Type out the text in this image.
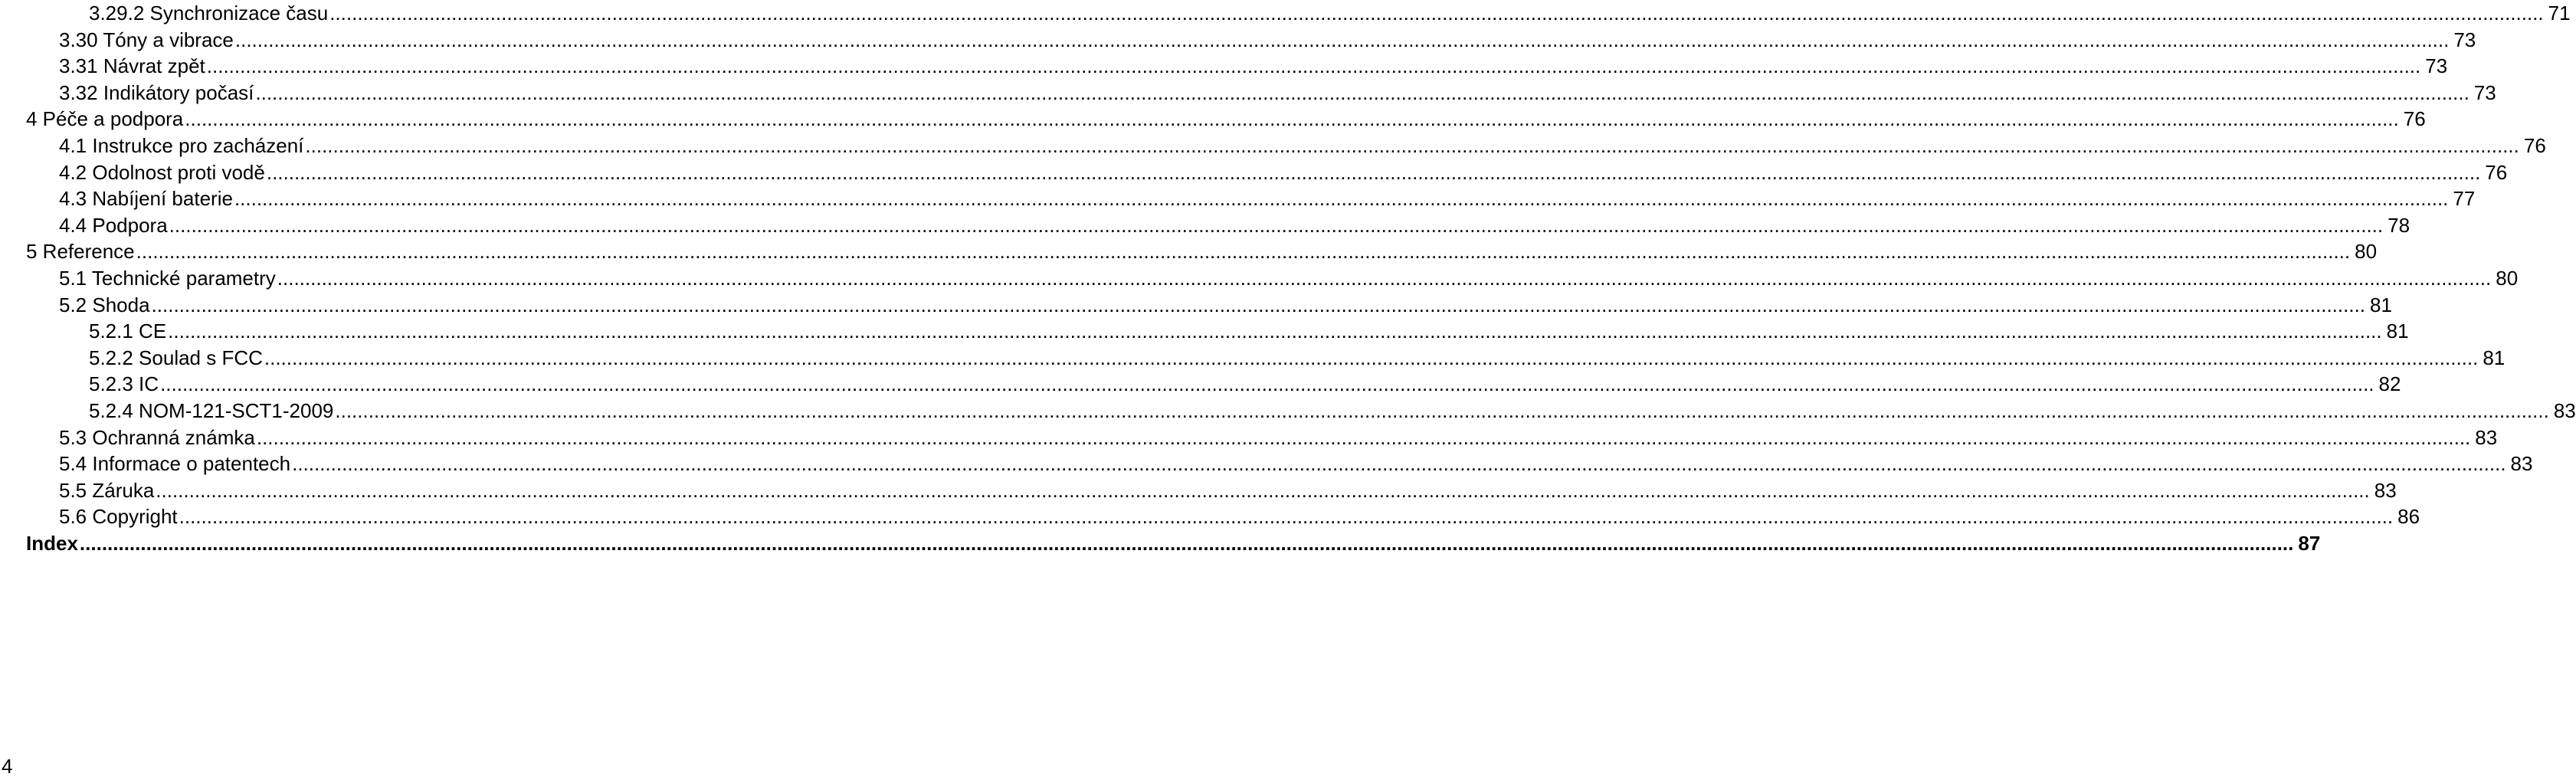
3.29.2 Synchronizace času ................................................................................................................................................................................................................................................................................................................................................................................................................ 71
3.30 Tóny a vibrace ................................................................................................................................................................................................................................................................................................................................................................................................................ 73
3.31 Návrat zpět ................................................................................................................................................................................................................................................................................................................................................................................................................ 73
3.32 Indikátory počasí ................................................................................................................................................................................................................................................................................................................................................................................................................ 73
4 Péče a podpora ................................................................................................................................................................................................................................................................................................................................................................................................................ 76
4.1 Instrukce pro zacházení ................................................................................................................................................................................................................................................................................................................................................................................................................ 76
4.2 Odolnost proti vodě ................................................................................................................................................................................................................................................................................................................................................................................................................ 76
4.3 Nabíjení baterie ................................................................................................................................................................................................................................................................................................................................................................................................................ 77
4.4 Podpora ................................................................................................................................................................................................................................................................................................................................................................................................................ 78
5 Reference ................................................................................................................................................................................................................................................................................................................................................................................................................ 80
5.1 Technické parametry ................................................................................................................................................................................................................................................................................................................................................................................................................ 80
5.2 Shoda ................................................................................................................................................................................................................................................................................................................................................................................................................ 81
5.2.1 CE ................................................................................................................................................................................................................................................................................................................................................................................................................ 81
5.2.2 Soulad s FCC ................................................................................................................................................................................................................................................................................................................................................................................................................ 81
5.2.3 IC ................................................................................................................................................................................................................................................................................................................................................................................................................ 82
5.2.4 NOM-121-SCT1-2009 ................................................................................................................................................................................................................................................................................................................................................................................................................ 83
5.3 Ochranná známka ................................................................................................................................................................................................................................................................................................................................................................................................................ 83
5.4 Informace o patentech ................................................................................................................................................................................................................................................................................................................................................................................................................ 83
5.5 Záruka ................................................................................................................................................................................................................................................................................................................................................................................................................ 83
5.6 Copyright ................................................................................................................................................................................................................................................................................................................................................................................................................ 86
Index ................................................................................................................................................................................................................................................................................................................................................................................................................ 87
4
